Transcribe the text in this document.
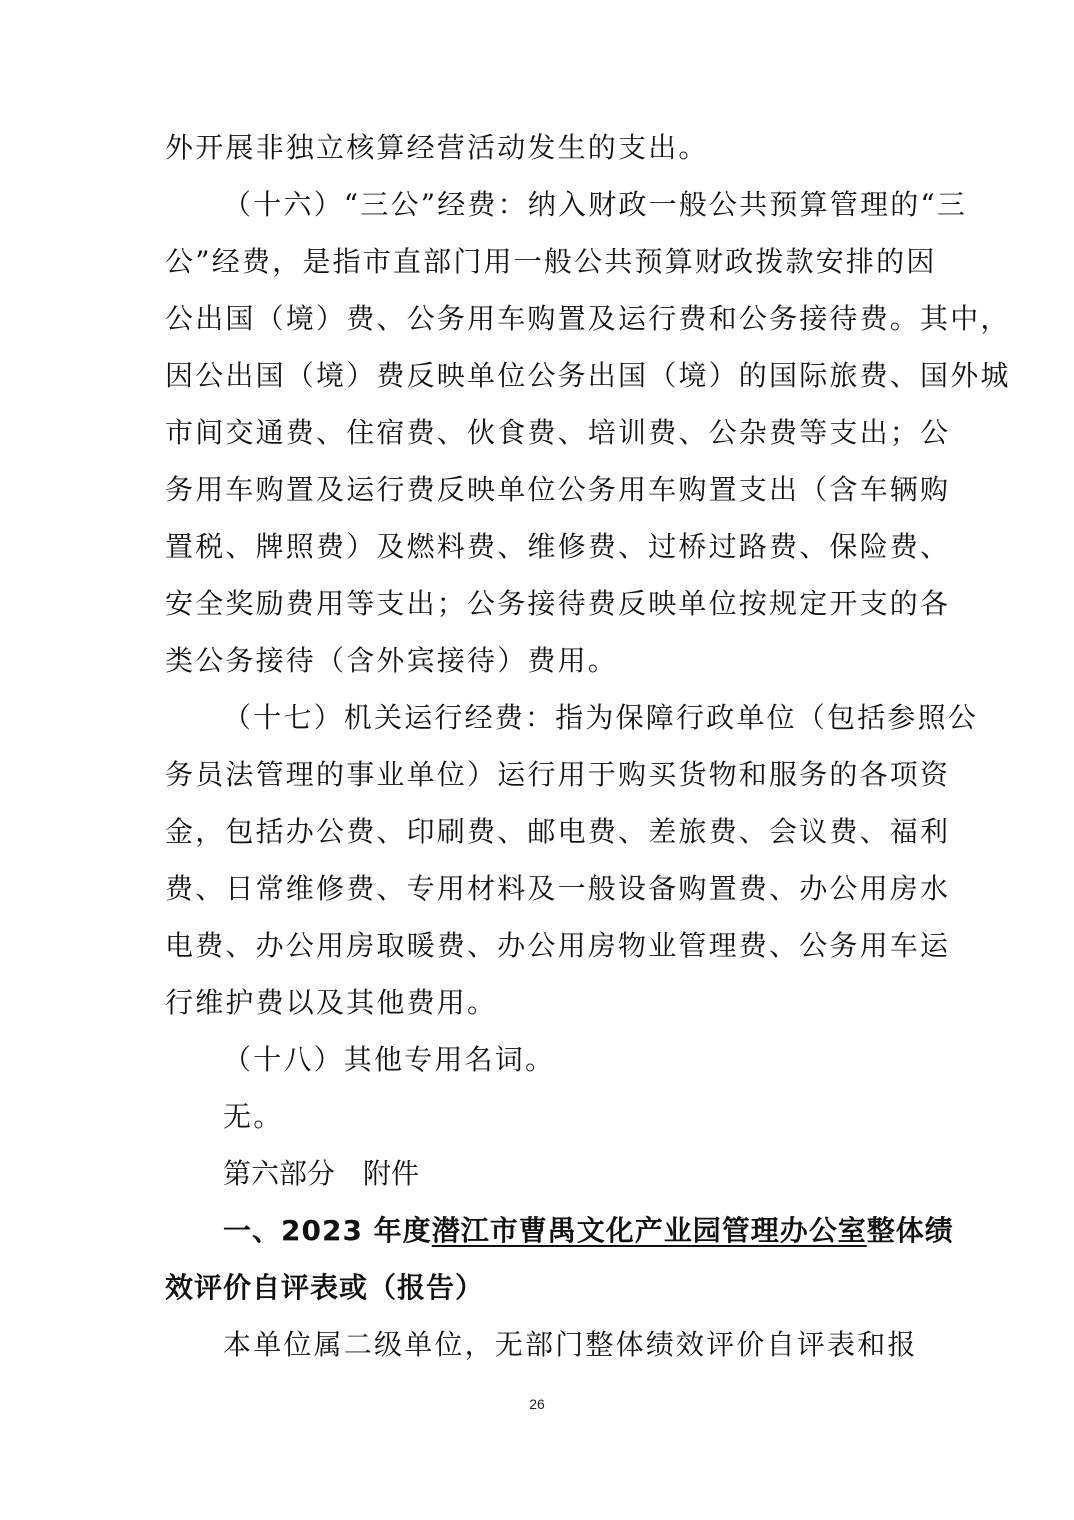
外开展非独立核算经营活动发生的支出。
（十六）“三公”经费：纳入财政一般公共预算管理的“三
公”经费，是指市直部门用一般公共预算财政拨款安排的因
公出国（境）费、公务用车购置及运行费和公务接待费。其中，
因公出国（境）费反映单位公务出国（境）的国际旅费、国外城
市间交通费、住宿费、伙食费、培训费、公杂费等支出；公
务用车购置及运行费反映单位公务用车购置支出（含车辆购
置税、牌照费）及燃料费、维修费、过桥过路费、保险费、
安全奖励费用等支出；公务接待费反映单位按规定开支的各
类公务接待（含外宾接待）费用。
（十七）机关运行经费：指为保障行政单位（包括参照公
务员法管理的事业单位）运行用于购买货物和服务的各项资
金，包括办公费、印刷费、邮电费、差旅费、会议费、福利
费、日常维修费、专用材料及一般设备购置费、办公用房水
电费、办公用房取暖费、办公用房物业管理费、公务用车运
行维护费以及其他费用。
（十八）其他专用名词。
无。
第六部分　附件
一、2023 年度潜江市曹禺文化产业园管理办公室整体绩
效评价自评表或（报告）
本单位属二级单位，无部门整体绩效评价自评表和报
26
